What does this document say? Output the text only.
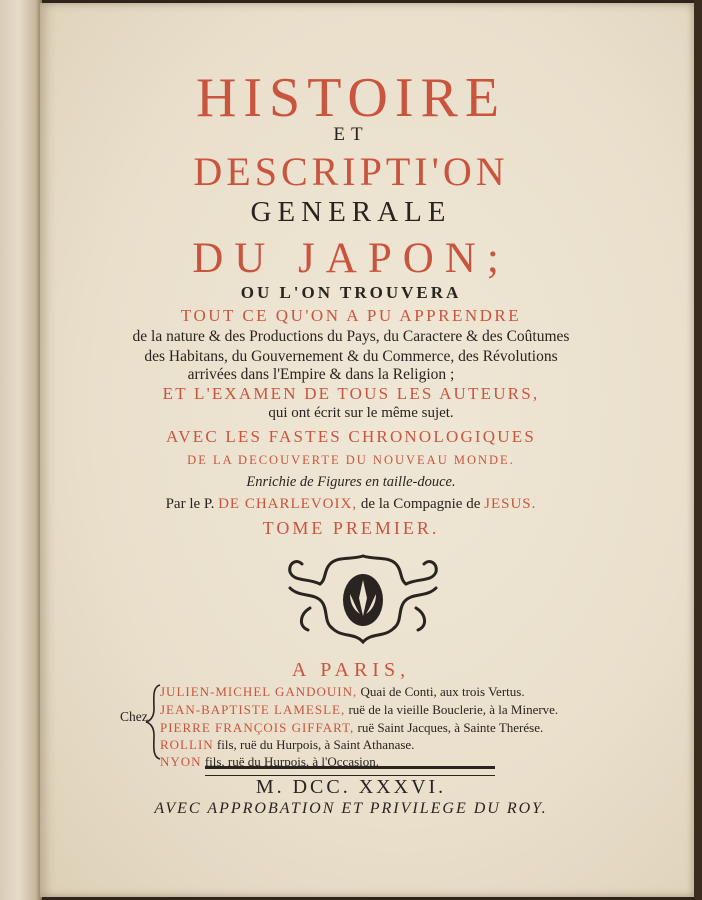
HISTOIRE
ET
DESCRIPTI'ON
GENERALE
DU JAPON;
OU L'ON TROUVERA
TOUT CE QU'ON A PU APPRENDRE
de la nature & des Productions du Pays, du Caractere & des Coûtumes
des Habitans, du Gouvernement & du Commerce, des Révolutions
arrivées dans l'Empire & dans la Religion ;
ET L'EXAMEN DE TOUS LES AUTEURS,
qui ont écrit sur le même sujet.
AVEC LES FASTES CHRONOLOGIQUES
DE LA DECOUVERTE DU NOUVEAU MONDE.
Enrichie de Figures en taille-douce.
Par le P. DE CHARLEVOIX, de la Compagnie de JESUS.
TOME PREMIER.
A PARIS,
Chez
JULIEN-MICHEL GANDOUIN, Quai de Conti, aux trois Vertus.
JEAN-BAPTISTE LAMESLE, ruë de la vieille Bouclerie, à la Minerve.
PIERRE FRANÇOIS GIFFART, ruë Saint Jacques, à Sainte Therése.
ROLLIN fils, ruë du Hurpois, à Saint Athanase.
NYON fils, ruë du Hurpois, à l'Occasion.
M. DCC. XXXVI.
AVEC APPROBATION ET PRIVILEGE DU ROY.
